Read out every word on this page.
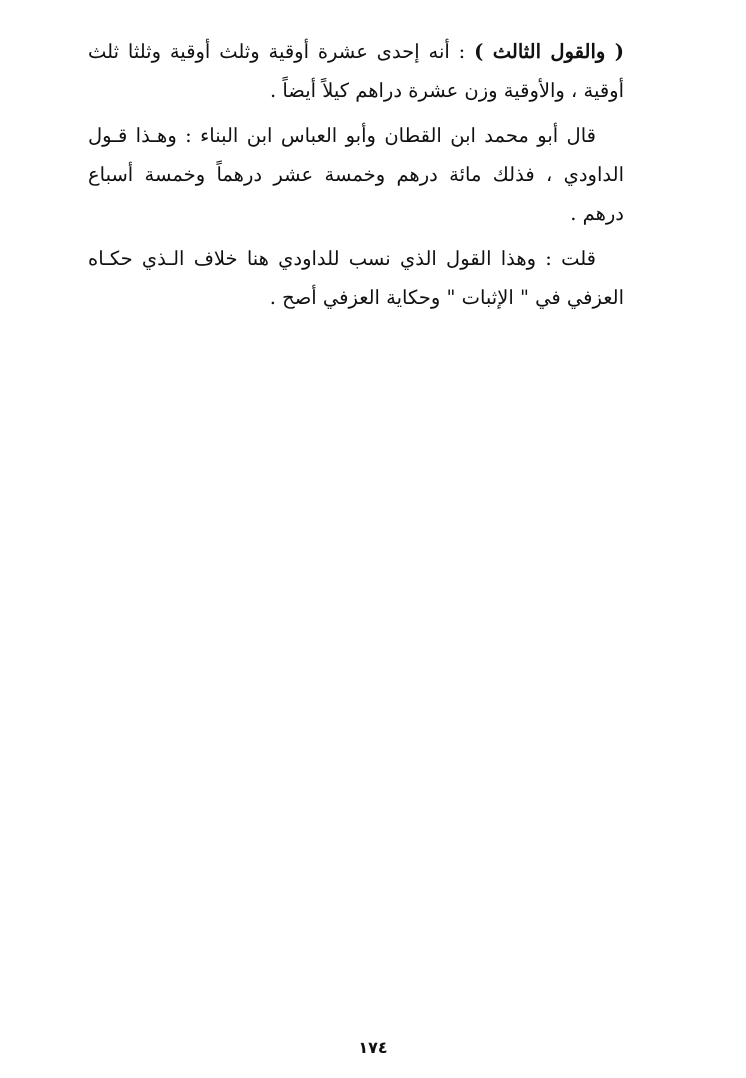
( والقول الثالث ) : أنه إحدى عشرة أوقية وثلث أوقية وثلثا ثلث أوقية ، والأوقية وزن عشرة دراهم كيلاً أيضاً .

قال أبو محمد ابن القطان وأبو العباس ابن البناء : وهـذا قـول الداودي ، فذلك مائة درهم وخمسة عشر درهماً وخمسة أسباع درهم .

قلت : وهذا القول الذي نسب للداودي هنا خلاف الـذي حكـاه العزفي في " الإثبات " وحكاية العزفي أصح .

١٧٤
